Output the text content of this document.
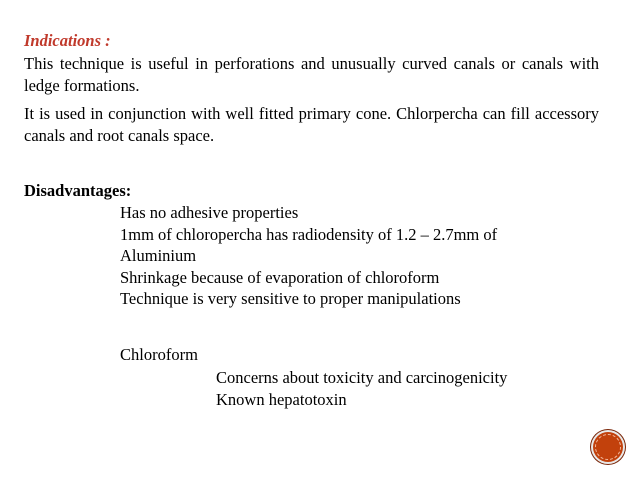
Indications :
This technique is useful in perforations and unusually curved canals or canals with ledge formations.
It is used in conjunction with well fitted primary cone. Chlorpercha can fill accessory canals and root canals space.
Disadvantages:
Has no adhesive properties
1mm of chloropercha has radiodensity of 1.2 – 2.7mm of
Aluminium
Shrinkage because of evaporation of chloroform
Technique is very sensitive to proper manipulations
Chloroform
Concerns about toxicity and carcinogenicity
Known hepatotoxin
